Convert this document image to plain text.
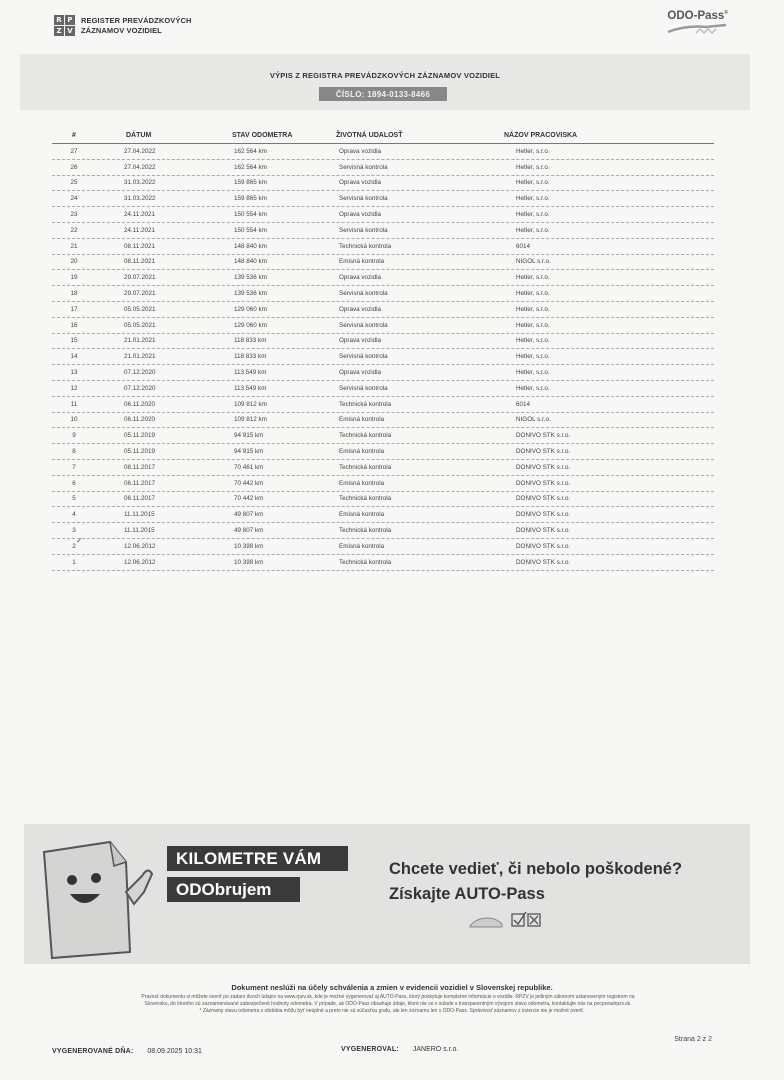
R P
Z V
REGISTER PREVÁDZKOVÝCH
ZÁZNAMOV VOZIDIEL
ODO-Pass®
VÝPIS Z REGISTRA PREVÁDZKOVÝCH ZÁZNAMOV VOZIDIEL
ČÍSLO: 1894-0133-8466
#	DÁTUM	STAV ODOMETRA	ŽIVOTNÁ UDALOSŤ	NÁZOV PRACOVISKA
27	27.04.2022	162 564 km	Oprava vozidla	Hetler, s.r.o.
26	27.04.2022	162 564 km	Servisná kontrola	Hetler, s.r.o.
25	31.03.2022	159 865 km	Oprava vozidla	Hetler, s.r.o.
24	31.03.2022	159 865 km	Servisná kontrola	Hetler, s.r.o.
23	24.11.2021	150 554 km	Oprava vozidla	Hetler, s.r.o.
22	24.11.2021	150 554 km	Servisná kontrola	Hetler, s.r.o.
21	08.11.2021	148 840 km	Technická kontrola	6014
20	08.11.2021	148 840 km	Emisná kontrola	NIGOL s.r.o.
19	29.07.2021	139 536 km	Oprava vozidla	Hetler, s.r.o.
18	29.07.2021	139 536 km	Servisná kontrola	Hetler, s.r.o.
17	05.05.2021	129 060 km	Oprava vozidla	Hetler, s.r.o.
16	05.05.2021	129 060 km	Servisná kontrola	Hetler, s.r.o.
15	21.01.2021	118 833 km	Oprava vozidla	Hetler, s.r.o.
14	21.01.2021	118 833 km	Servisná kontrola	Hetler, s.r.o.
13	07.12.2020	113 549 km	Oprava vozidla	Hetler, s.r.o.
12	07.12.2020	113 549 km	Servisná kontrola	Hetler, s.r.o.
11	06.11.2020	109 812 km	Technická kontrola	6014
10	06.11.2020	109 812 km	Emisná kontrola	NIGOL s.r.o.
9	05.11.2019	94 915 km	Technická kontrola	DONIVO STK s.r.o.
8	05.11.2019	94 915 km	Emisná kontrola	DONIVO STK s.r.o.
7	08.11.2017	70 461 km	Technická kontrola	DONIVO STK s.r.o.
6	06.11.2017	70 442 km	Emisná kontrola	DONIVO STK s.r.o.
5	06.11.2017	70 442 km	Technická kontrola	DONIVO STK s.r.o.
4	11.11.2015	49 807 km	Emisná kontrola	DONIVO STK s.r.o.
3	11.11.2015	49 807 km	Technická kontrola	DONIVO STK s.r.o.
2	12.06.2012	10 398 km	Emisná kontrola	DONIVO STK s.r.o.
1	12.06.2012	10 398 km	Technická kontrola	DONIVO STK s.r.o.
✓
KILOMETRE VÁM
ODObrujem
Chcete vedieť, či nebolo poškodené?
Získajte AUTO-Pass
Dokument neslúži na účely schválenia a zmien v evidencii vozidiel v Slovenskej republike.
Pravosť dokumentu si môžete overiť po zadaní dvoch údajov na www.rpzv.sk, kde je možné vygenerovať aj AUTO-Pass, ktorý poskytuje kompletné informácie o vozidle. RPZV je jediným zákonom ustanoveným registrom na
Slovensku, do ktorého sú zaznamenávané zabezpečené hodnoty odometra. V prípade, ak ODO-Pass obsahuje údaje, ktoré nie sú v súlade s transparentným vývojom stavu odometra, kontaktujte nás na pocporadrpzv.sk.
* Záznamy stavu odometra z obdobia môžu byť neúplné a preto nie sú súčasťou grafu, ale len zoznamu len v ODO-Pass. Správnosť záznamov z inzercie nie je možné overiť.
Strana 2 z 2
VYGENEROVANÉ DŇA: 08.09.2025 10:31	VYGENEROVAL: JANERO s.r.o.
